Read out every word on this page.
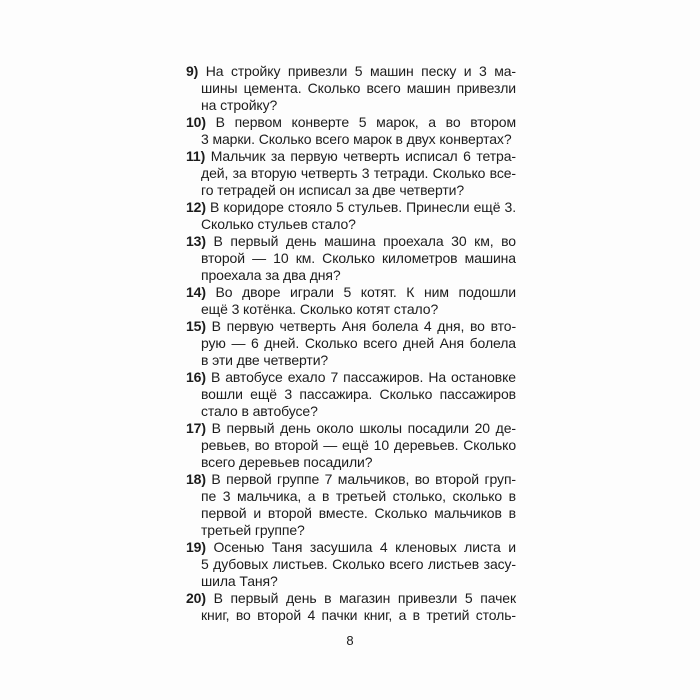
9) На стройку привезли 5 машин песку и 3 ма-
шины цемента. Сколько всего машин привезли
на стройку?
10) В первом конверте 5 марок, а во втором
3 марки. Сколько всего марок в двух конвертах?
11) Мальчик за первую четверть исписал 6 тетра-
дей, за вторую четверть 3 тетради. Сколько все-
го тетрадей он исписал за две четверти?
12) В коридоре стояло 5 стульев. Принесли ещё 3.
Сколько стульев стало?
13) В первый день машина проехала 30 км, во
второй — 10 км. Сколько километров машина
проехала за два дня?
14) Во дворе играли 5 котят. К ним подошли
ещё 3 котёнка. Сколько котят стало?
15) В первую четверть Аня болела 4 дня, во вто-
рую — 6 дней. Сколько всего дней Аня болела
в эти две четверти?
16) В автобусе ехало 7 пассажиров. На остановке
вошли ещё 3 пассажира. Сколько пассажиров
стало в автобусе?
17) В первый день около школы посадили 20 де-
ревьев, во второй — ещё 10 деревьев. Сколько
всего деревьев посадили?
18) В первой группе 7 мальчиков, во второй груп-
пе 3 мальчика, а в третьей столько, сколько в
первой и второй вместе. Сколько мальчиков в
третьей группе?
19) Осенью Таня засушила 4 кленовых листа и
5 дубовых листьев. Сколько всего листьев засу-
шила Таня?
20) В первый день в магазин привезли 5 пачек
книг, во второй 4 пачки книг, а в третий столь-
8
